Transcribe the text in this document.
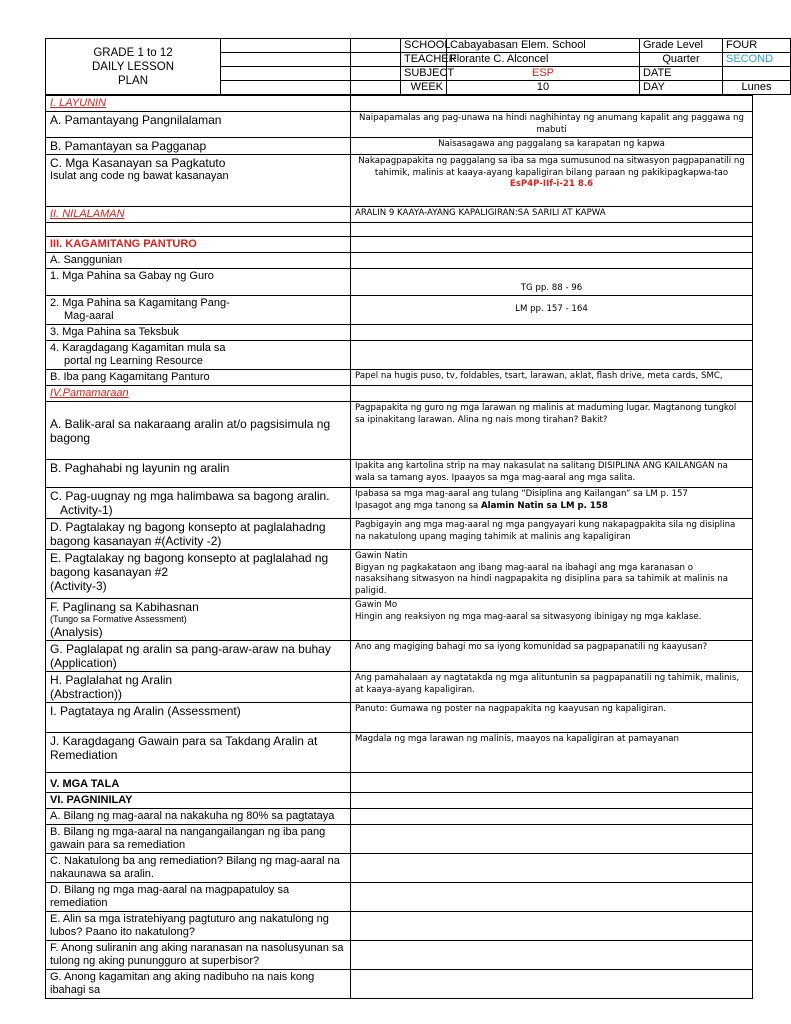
GRADE 1 to 12
DAILY LESSON
PLAN			SCHOOL	Cabayabasan Elem. School	Grade Level	FOUR
			TEACHER	Florante C. Alconcel	Quarter	SECOND
			SUBJECT	ESP	DATE	
			WEEK	10	DAY	Lunes
I. LAYUNIN	
A. Pamantayang Pangnilalaman	Naipapamalas ang pag-unawa na hindi naghihintay ng anumang kapalit ang paggawa ng mabuti
B. Pamantayan sa Pagganap	Naisasagawa ang paggalang sa karapatan ng kapwa

C. Mga Kasanayan sa Pagkatuto
Isulat ang code ng bawat kasanayan	Nakapagpapakita ng paggalang sa iba sa mga sumusunod na sitwasyon pagpapanatili ng tahimik, malinis at kaaya-ayang kapaligiran bilang paraan ng pakikipagkapwa-tao
EsP4P-IIf-i-21 8.6

II. NILALAMAN	ARALIN 9 KAAYA-AYANG KAPALIGIRAN:SA SARILI AT KAPWA

III. KAGAMITANG PANTURO	
A. Sanggunian	
1. Mga Pahina sa Gabay ng Guro	TG pp. 88 - 96

2. Mga Pahina sa Kagamitang Pang-
Mag-aaral	LM pp. 157 - 164
3. Mga Pahina sa Teksbuk	

4. Karagdagang Kagamitan mula sa
portal ng Learning Resource	

B. Iba pang Kagamitang Panturo	Papel na hugis puso, tv, foldables, tsart, larawan, aklat, flash drive, meta cards, SMC,
IV.Pamamaraan	
A. Balik-aral sa nakaraang aralin at/o pagsisimula ng bagong	Pagpapakita ng guro ng mga larawan ng malinis at maduming lugar. Magtanong tungkol sa ipinakitang larawan. Alina ng nais mong tirahan? Bakit?
B. Paghahabi ng layunin ng aralin	Ipakita ang kartolina strip na may nakasulat na salitang DISIPLINA ANG KAILANGAN na wala sa tamang ayos. Ipaayos sa mga mag-aaral ang mga salita.

C. Pag-uugnay ng mga halimbawa sa bagong aralin.
Activity-1)	Ipabasa sa mga mag-aaral ang tulang “Disiplina ang Kailangan” sa LM p. 157
Ipasagot ang mga tanong sa Alamin Natin sa LM p. 158
D. Pagtalakay ng bagong konsepto at paglalahadng bagong kasanayan #(Activity -2)	Pagbigayin ang mga mag-aaral ng mga pangyayari kung nakapagpakita sila ng disiplina na nakatulong upang maging tahimik at malinis ang kapaligiran

E. Pagtalakay ng bagong konsepto at paglalahad ng bagong kasanayan #2
(Activity-3)	Gawin Natin
Bigyan ng pagkakataon ang ibang mag-aaral na ibahagi ang mga karanasan o nasaksihang sitwasyon na hindi nagpapakita ng disiplina para sa tahimik at malinis na paligid.

F. Paglinang sa Kabihasnan
(Tungo sa Formative Assessment)
(Analysis)	Gawin Mo
Hingin ang reaksiyon ng mga mag-aaral sa sitwasyong ibinigay ng mga kaklase.

G. Paglalapat ng aralin sa pang-araw-araw na buhay (Application)	Ano ang magiging bahagi mo sa iyong komunidad sa pagpapanatili ng kaayusan?

H. Paglalahat ng Aralin
(Abstraction))	Ang pamahalaan ay nagtatakda ng mga alituntunin sa pagpapanatili ng tahimik, malinis, at kaaya-ayang kapaligiran.
I. Pagtataya ng Aralin (Assessment)	Panuto: Gumawa ng poster na nagpapakita ng kaayusan ng kapaligiran.
J. Karagdagang Gawain para sa Takdang Aralin at Remediation	Magdala ng mga larawan ng malinis, maayos na kapaligiran at pamayanan
V. MGA TALA	
VI. PAGNINILAY	
A. Bilang ng mag-aaral na nakakuha ng 80% sa pagtataya	
B. Bilang ng mga-aaral na nangangailangan ng iba pang gawain para sa remediation	
C. Nakatulong ba ang remediation? Bilang ng mag-aaral na nakaunawa sa aralin.	
D. Bilang ng mga mag-aaral na magpapatuloy sa remediation	
E. Alin sa mga istratehiyang pagtuturo ang nakatulong ng lubos? Paano ito nakatulong?	
F. Anong suliranin ang aking naranasan na nasolusyunan sa tulong ng aking punungguro at superbisor?	
G. Anong kagamitan ang aking nadibuho na nais kong ibahagi sa	
